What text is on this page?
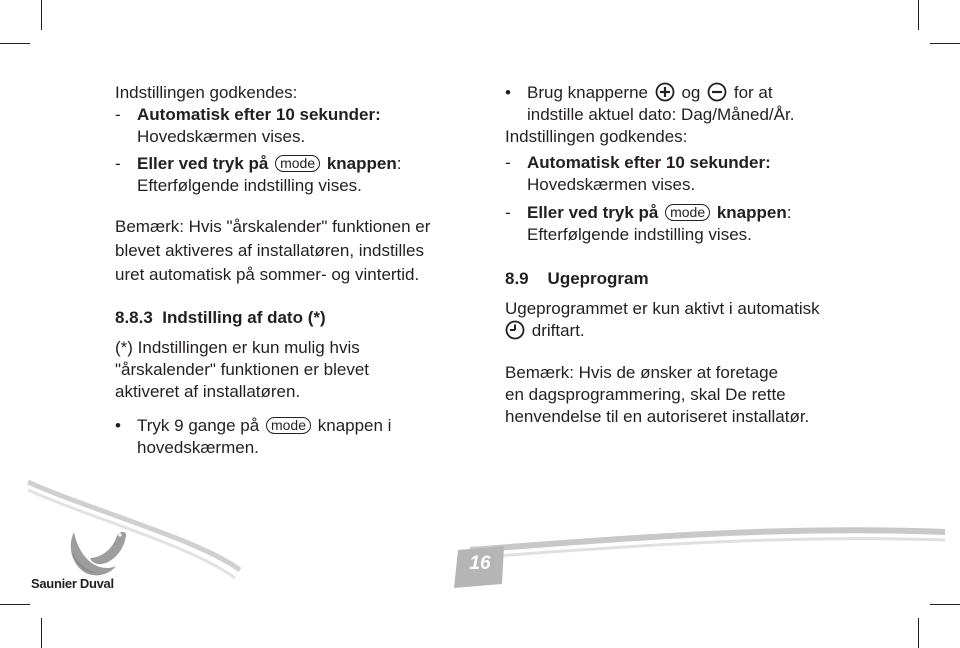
Indstillingen godkendes:

- Automatisk efter 10 sekunder:

Hovedskærmen vises.

- Eller ved tryk på mode knappen:

Efterfølgende indstilling vises.

Bemærk: Hvis "årskalender" funktionen er

blevet aktiveres af installatøren, indstilles

uret automatisk på sommer- og vintertid.

8.8.3 Indstilling af dato (*)

(*) Indstillingen er kun mulig hvis

"årskalender" funktionen er blevet

aktiveret af installatøren.

• Tryk 9 gange på mode knappen i

hovedskærmen.

• Brug knapperne og for at

indstille aktuel dato: Dag/Måned/År.

Indstillingen godkendes:

- Automatisk efter 10 sekunder:

Hovedskærmen vises.

- Eller ved tryk på mode knappen:

Efterfølgende indstilling vises.

8.9 Ugeprogram

Ugeprogrammet er kun aktivt i automatisk

driftart.

Bemærk: Hvis de ønsker at foretage

en dagsprogrammering, skal De rette

henvendelse til en autoriseret installatør.

Saunier Duval
16
